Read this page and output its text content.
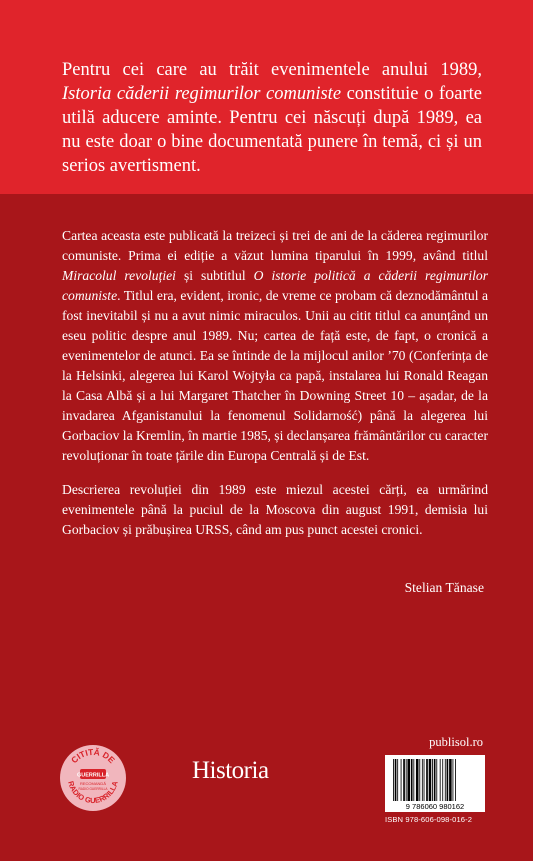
Pentru cei care au trăit evenimentele anului 1989, Istoria căderii regimurilor comuniste constituie o foarte utilă aducere aminte. Pentru cei născuți după 1989, ea nu este doar o bine documentată punere în temă, ci și un serios avertisment.

Cartea aceasta este publicată la treizeci și trei de ani de la căderea regimurilor comuniste. Prima ei ediție a văzut lumina tiparului în 1999, având titlul Miracolul revoluției și subtitlul O istorie politică a căderii regimurilor comuniste. Titlul era, evident, ironic, de vreme ce probam că deznodământul a fost inevitabil și nu a avut nimic miraculos. Unii au citit titlul ca anunțând un eseu politic despre anul 1989. Nu; cartea de față este, de fapt, o cronică a evenimentelor de atunci. Ea se întinde de la mijlocul anilor ’70 (Conferința de la Helsinki, alegerea lui Karol Wojtyła ca papă, instalarea lui Ronald Reagan la Casa Albă și a lui Margaret Thatcher în Downing Street 10 – așadar, de la invadarea Afganistanului la fenomenul Solidarność) până la alegerea lui Gorbaciov la Kremlin, în martie 1985, și declanșarea frământărilor cu caracter revoluționar în toate țările din Europa Centrală și de Est.

Descrierea revoluției din 1989 este miezul acestei cărți, ea urmărind evenimentele până la puciul de la Moscova din august 1991, demisia lui Gorbaciov și prăbușirea URSS, când am pus punct acestei cronici.

Stelian Tănase
CITITĂ DE
RADIO GUERRILLA
GUERRILLA
RECOMANDĂ
RADIO GUERRILLA
Historia
publisol.ro
9 786060 980162
ISBN 978-606-098-016-2
